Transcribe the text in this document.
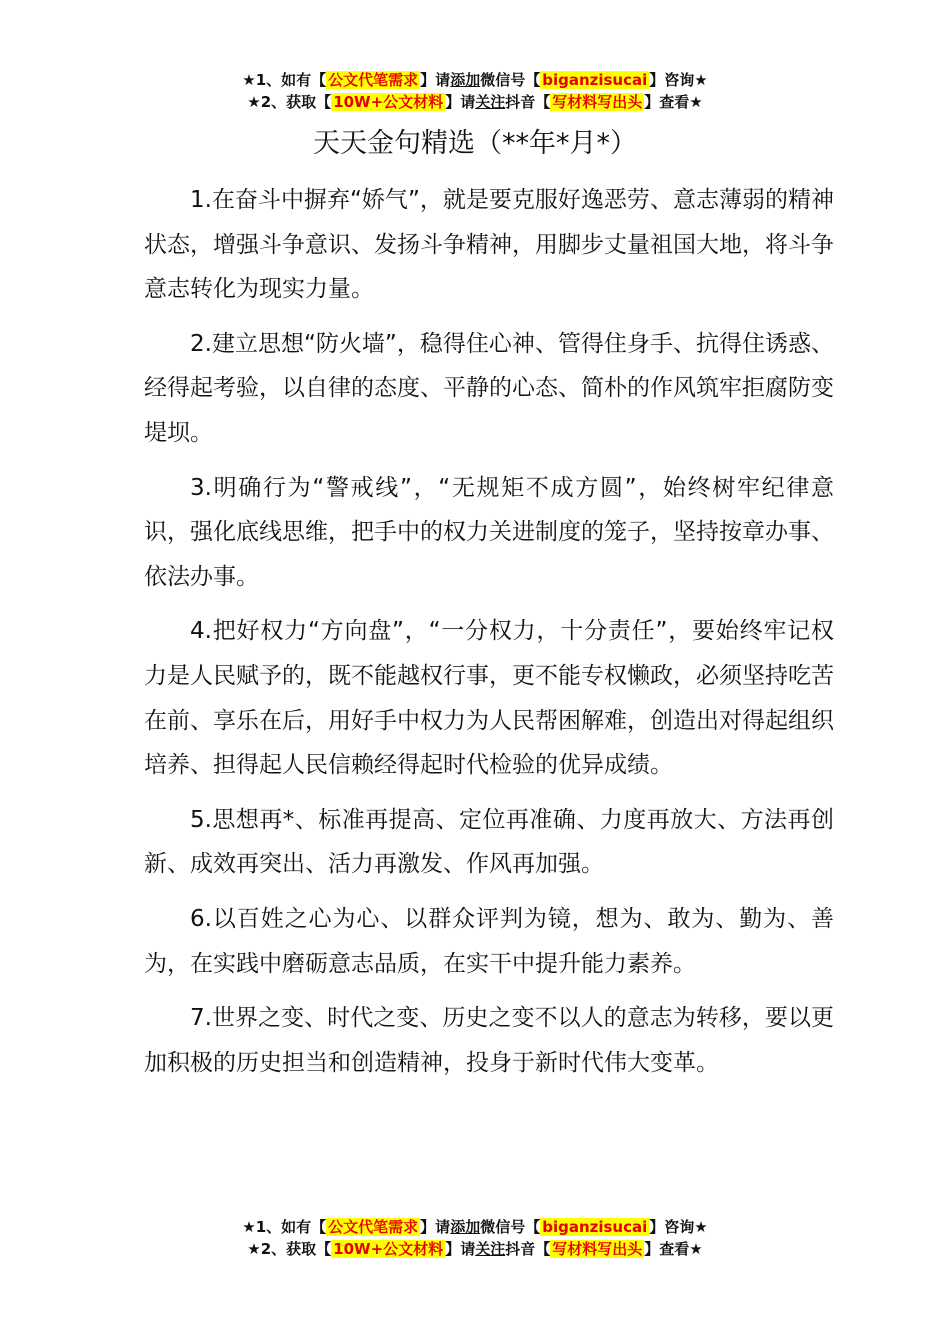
★1、如有【 公文代笔需求 】请添加微信号【 biganzisucai 】咨询★
★2、获取【 10W+公文材料 】请关注抖音【 写材料写出头 】查看★
天天金句精选（**年*月*）

1.在奋斗中摒弃“娇气”，就是要克服好逸恶劳、意志薄弱的精神状态，增强斗争意识、发扬斗争精神，用脚步丈量祖国大地，将斗争意志转化为现实力量。

2.建立思想“防火墙”，稳得住心神、管得住身手、抗得住诱惑、经得起考验，以自律的态度、平静的心态、简朴的作风筑牢拒腐防变堤坝。

3.明确行为“警戒线”，“无规矩不成方圆”，始终树牢纪律意识，强化底线思维，把手中的权力关进制度的笼子，坚持按章办事、依法办事。

4.把好权力“方向盘”，“一分权力，十分责任”，要始终牢记权力是人民赋予的，既不能越权行事，更不能专权懒政，必须坚持吃苦在前、享乐在后，用好手中权力为人民帮困解难，创造出对得起组织培养、担得起人民信赖经得起时代检验的优异成绩。

5.思想再*、标准再提高、定位再准确、力度再放大、方法再创新、成效再突出、活力再激发、作风再加强。

6.以百姓之心为心、以群众评判为镜，想为、敢为、勤为、善为，在实践中磨砺意志品质，在实干中提升能力素养。

7.世界之变、时代之变、历史之变不以人的意志为转移，要以更加积极的历史担当和创造精神，投身于新时代伟大变革。

★1、如有【 公文代笔需求 】请添加微信号【 biganzisucai 】咨询★
★2、获取【 10W+公文材料 】请关注抖音【 写材料写出头 】查看★
